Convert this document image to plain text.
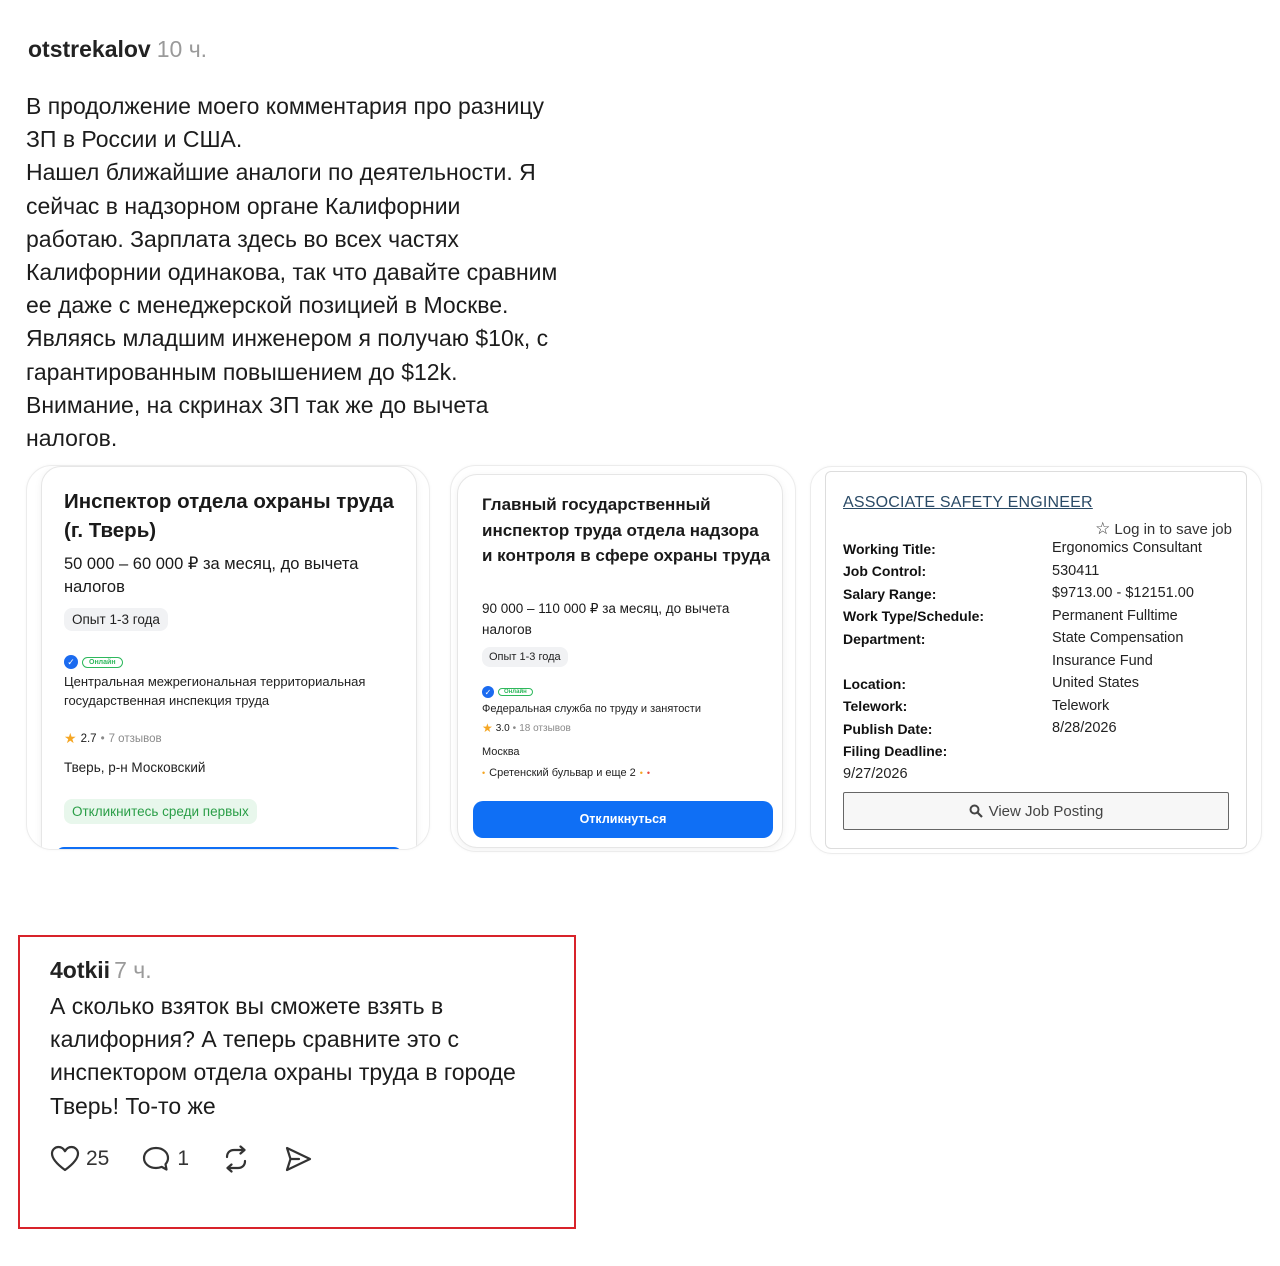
otstrekalov 10 ч.
В продолжение моего комментария про разницу
ЗП в России и США.
Нашел ближайшие аналоги по деятельности. Я
сейчас в надзорном органе Калифорнии
работаю. Зарплата здесь во всех частях
Калифорнии одинакова, так что давайте сравним
ее даже с менеджерской позицией в Москве.
Являясь младшим инженером я получаю $10к, с
гарантированным повышением до $12k.
Внимание, на скринах ЗП так же до вычета
налогов.
Инспектор отдела охраны труда (г. Тверь)
50 000 – 60 000 ₽ за месяц, до вычета налогов
Опыт 1-3 года
✓	Онлайн
Центральная межрегиональная территориальная государственная инспекция труда
★ 2.7 • 7 отзывов
Тверь, р-н Московский
Откликнитесь среди первых
Главный государственный инспектор труда отдела надзора и контроля в сфере охраны труда
90 000 – 110 000 ₽ за месяц, до вычета налогов
Опыт 1-3 года
✓	Онлайн
Федеральная служба по труду и занятости
★ 3.0 • 18 отзывов
Москва
• Сретенский бульвар и еще 2 • •
Откликнуться
ASSOCIATE SAFETY ENGINEER
☆ Log in to save job
Working Title:	Ergonomics Consultant
Job Control:	530411
Salary Range:	$9713.00 - $12151.00
Work Type/Schedule:	Permanent Fulltime
Department:	State Compensation
Insurance Fund
Location:	United States
Telework:	Telework
Publish Date:	8/28/2026
Filing Deadline:
9/27/2026
View Job Posting
4otkii 7 ч.
А сколько взяток вы сможете взять в калифорния? А теперь сравните это с инспектором отдела охраны труда в городе Тверь! То-то же
25	1
